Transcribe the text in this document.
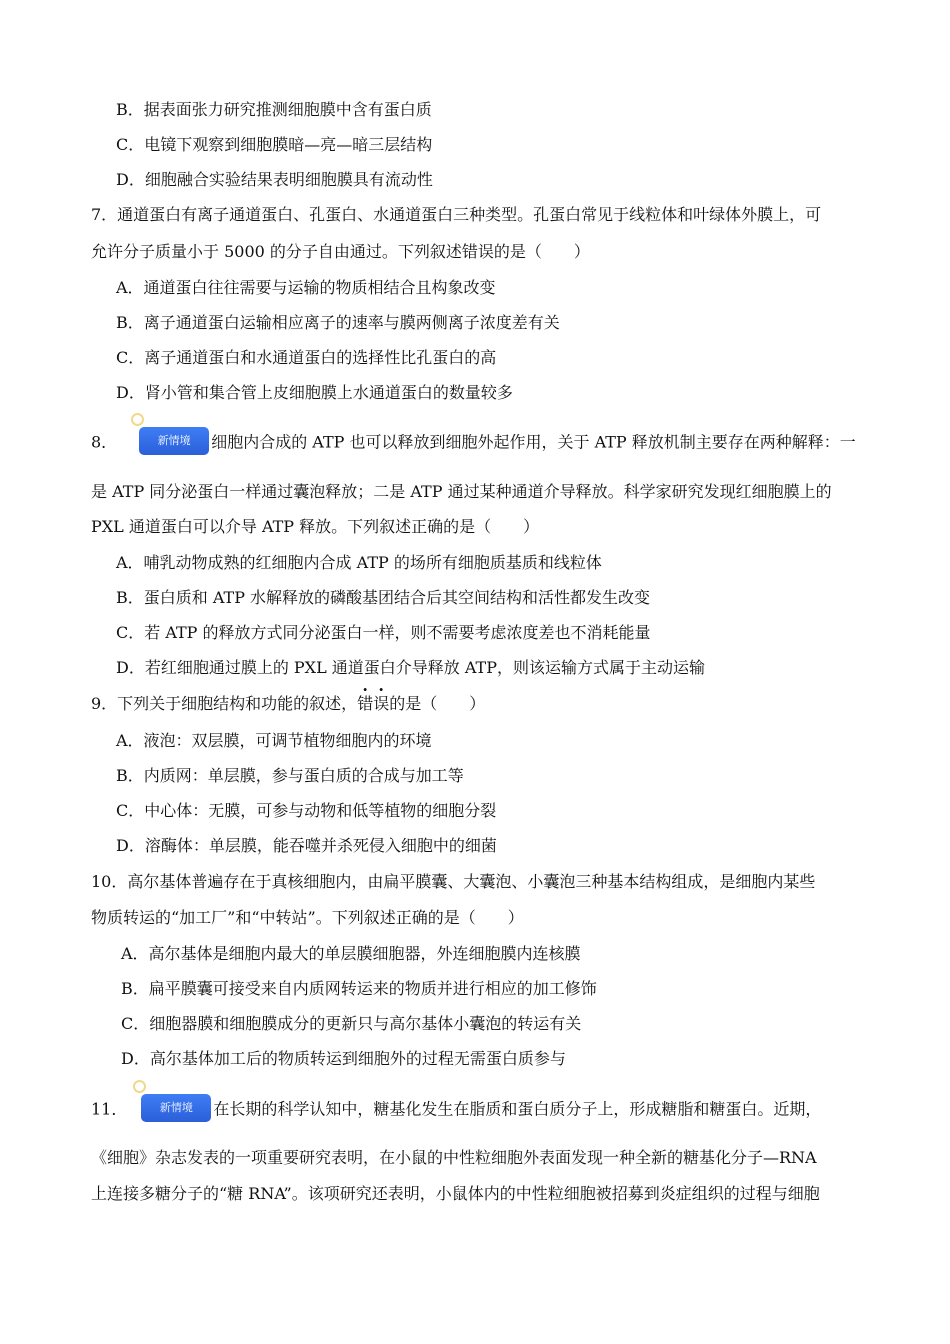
B．据表面张力研究推测细胞膜中含有蛋白质
C．电镜下观察到细胞膜暗—亮—暗三层结构
D．细胞融合实验结果表明细胞膜具有流动性
7．通道蛋白有离子通道蛋白、孔蛋白、水通道蛋白三种类型。孔蛋白常见于线粒体和叶绿体外膜上，可
允许分子质量小于 5000 的分子自由通过。下列叙述错误的是（　　）
A．通道蛋白往往需要与运输的物质相结合且构象改变
B．离子通道蛋白运输相应离子的速率与膜两侧离子浓度差有关
C．离子通道蛋白和水通道蛋白的选择性比孔蛋白的高
D．肾小管和集合管上皮细胞膜上水通道蛋白的数量较多
8．	新情境 细胞内合成的 ATP 也可以释放到细胞外起作用，关于 ATP 释放机制主要存在两种解释：一
是 ATP 同分泌蛋白一样通过囊泡释放；二是 ATP 通过某种通道介导释放。科学家研究发现红细胞膜上的
PXL 通道蛋白可以介导 ATP 释放。下列叙述正确的是（　　）
A．哺乳动物成熟的红细胞内合成 ATP 的场所有细胞质基质和线粒体
B．蛋白质和 ATP 水解释放的磷酸基团结合后其空间结构和活性都发生改变
C．若 ATP 的释放方式同分泌蛋白一样，则不需要考虑浓度差也不消耗能量
D．若红细胞通过膜上的 PXL 通道蛋白介导释放 ATP，则该运输方式属于主动运输
9．下列关于细胞结构和功能的叙述，错误的是（　　）
A．液泡：双层膜，可调节植物细胞内的环境
B．内质网：单层膜，参与蛋白质的合成与加工等
C．中心体：无膜，可参与动物和低等植物的细胞分裂
D．溶酶体：单层膜，能吞噬并杀死侵入细胞中的细菌
10．高尔基体普遍存在于真核细胞内，由扁平膜囊、大囊泡、小囊泡三种基本结构组成，是细胞内某些
物质转运的“加工厂”和“中转站”。下列叙述正确的是（　　）
A．高尔基体是细胞内最大的单层膜细胞器，外连细胞膜内连核膜
B．扁平膜囊可接受来自内质网转运来的物质并进行相应的加工修饰
C．细胞器膜和细胞膜成分的更新只与高尔基体小囊泡的转运有关
D．高尔基体加工后的物质转运到细胞外的过程无需蛋白质参与
11．	新情境 在长期的科学认知中，糖基化发生在脂质和蛋白质分子上，形成糖脂和糖蛋白。近期，
《细胞》杂志发表的一项重要研究表明，在小鼠的中性粒细胞外表面发现一种全新的糖基化分子—RNA
上连接多糖分子的“糖 RNA”。该项研究还表明，小鼠体内的中性粒细胞被招募到炎症组织的过程与细胞
